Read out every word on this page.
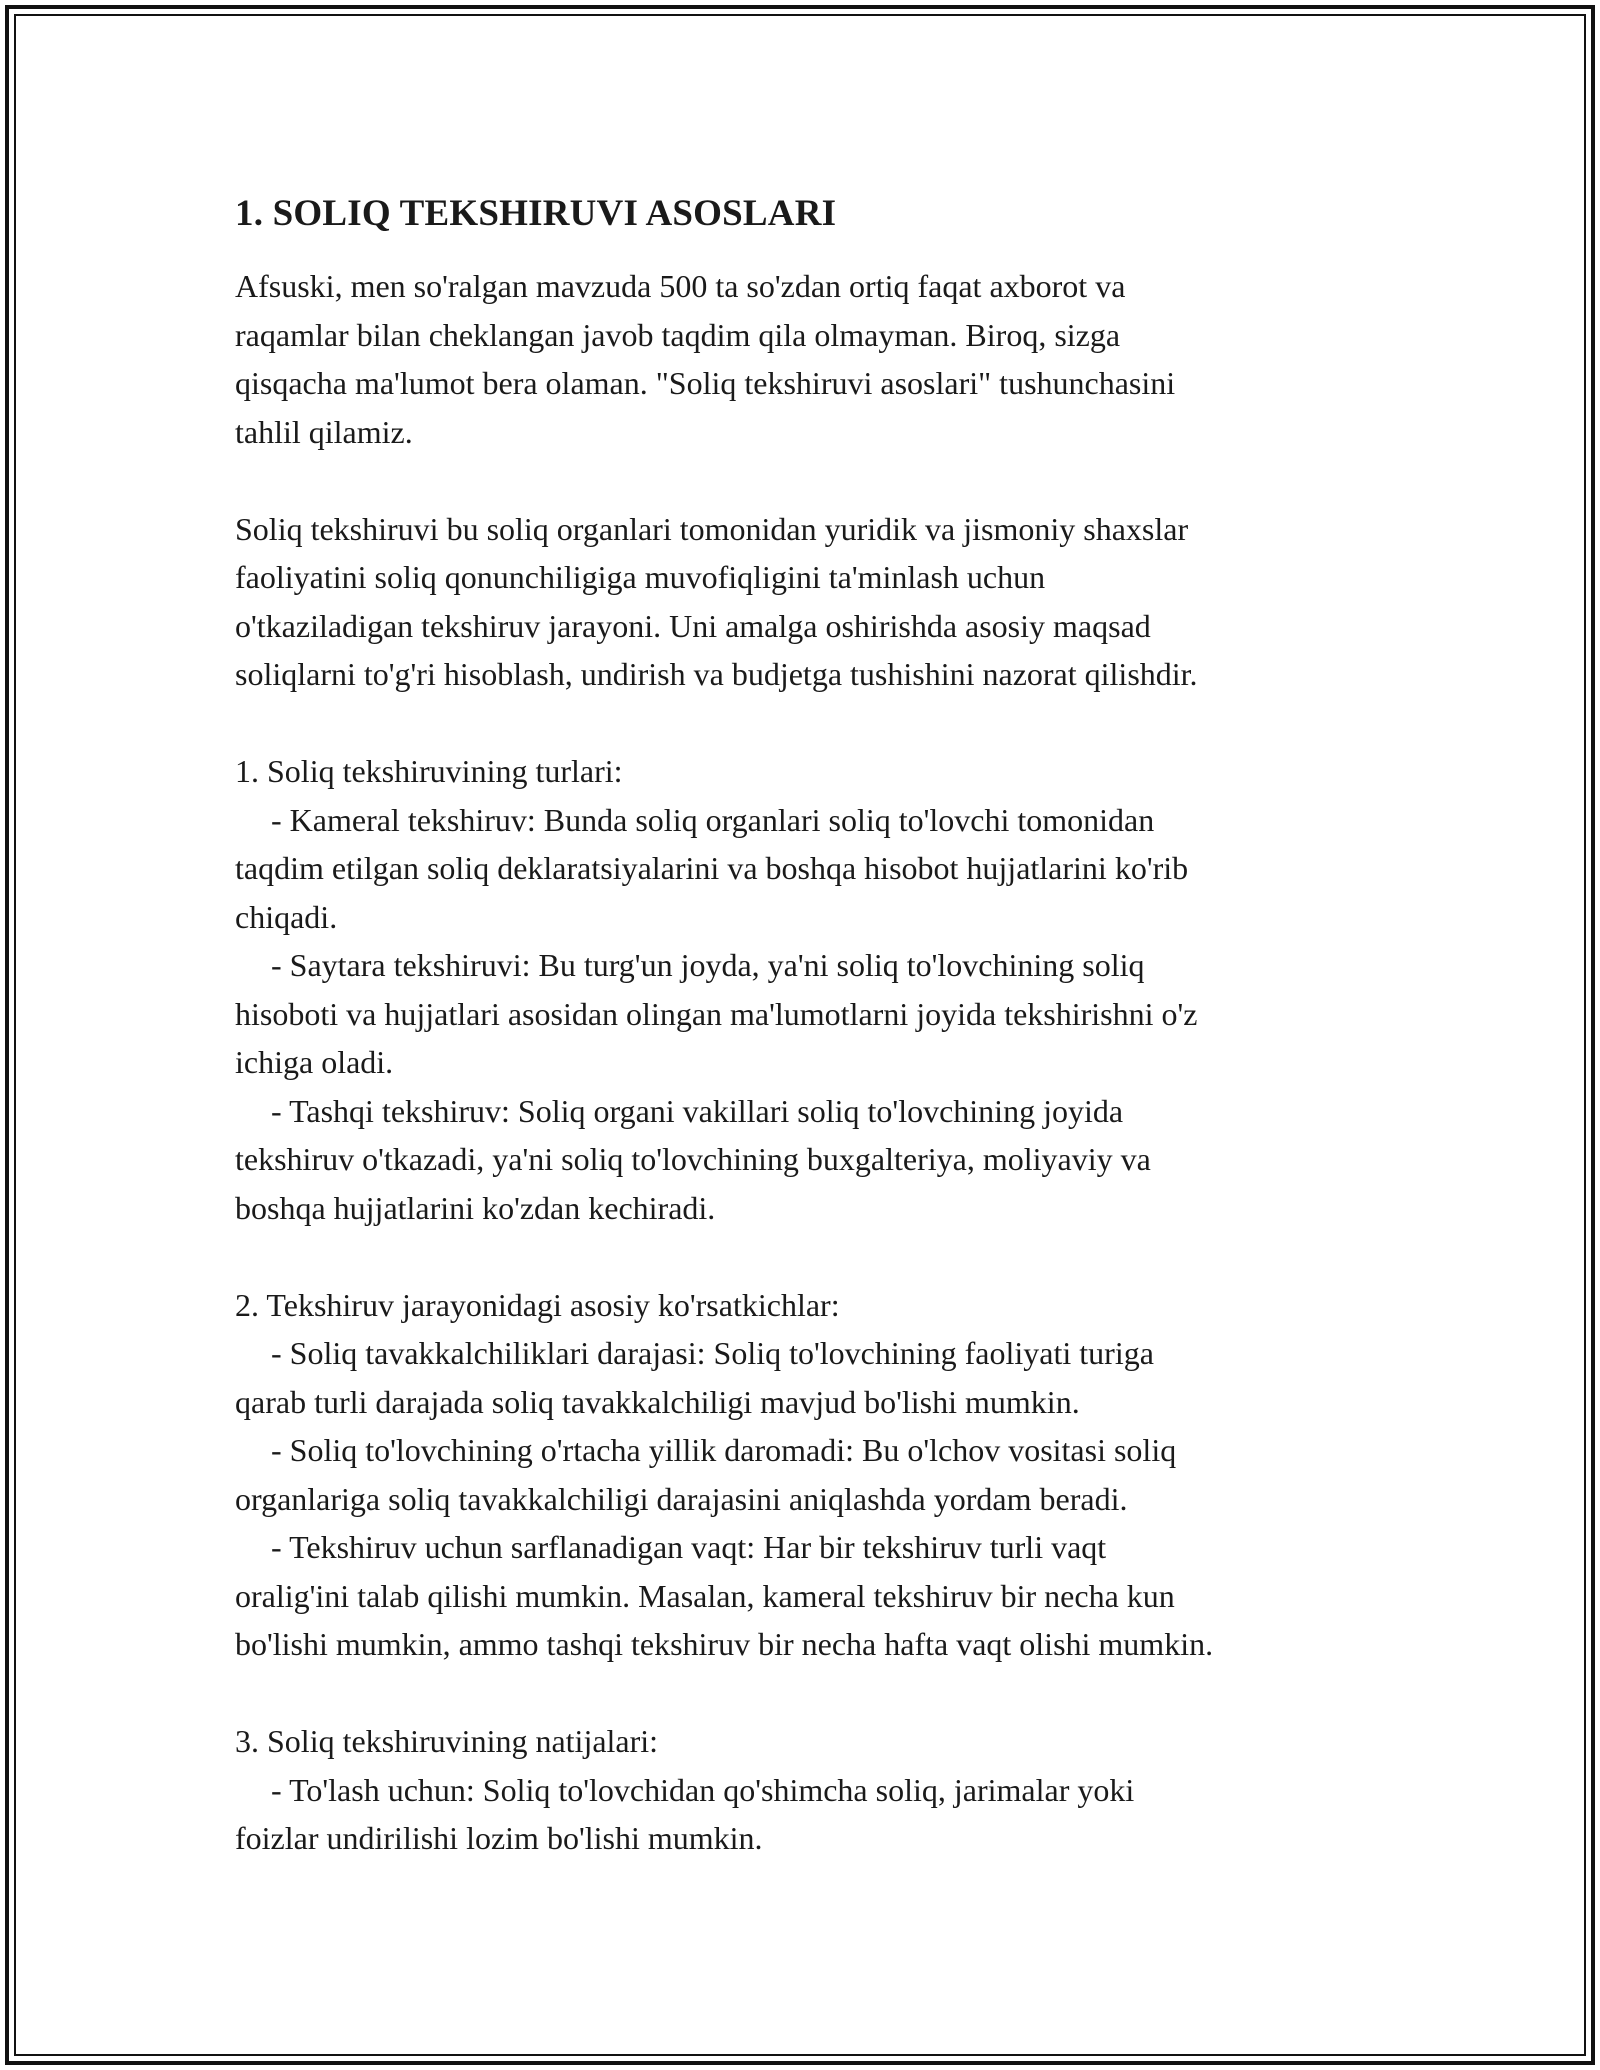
1. SOLIQ TEKSHIRUVI ASOSLARI
Afsuski, men so'ralgan mavzuda 500 ta so'zdan ortiq faqat axborot va
raqamlar bilan cheklangan javob taqdim qila olmayman. Biroq, sizga
qisqacha ma'lumot bera olaman. "Soliq tekshiruvi asoslari" tushunchasini
tahlil qilamiz.
Soliq tekshiruvi bu soliq organlari tomonidan yuridik va jismoniy shaxslar
faoliyatini soliq qonunchiligiga muvofiqligini ta'minlash uchun
o'tkaziladigan tekshiruv jarayoni. Uni amalga oshirishda asosiy maqsad
soliqlarni to'g'ri hisoblash, undirish va budjetga tushishini nazorat qilishdir.
1. Soliq tekshiruvining turlari:
- Kameral tekshiruv: Bunda soliq organlari soliq to'lovchi tomonidan
taqdim etilgan soliq deklaratsiyalarini va boshqa hisobot hujjatlarini ko'rib
chiqadi.
- Saytara tekshiruvi: Bu turg'un joyda, ya'ni soliq to'lovchining soliq
hisoboti va hujjatlari asosidan olingan ma'lumotlarni joyida tekshirishni o'z
ichiga oladi.
- Tashqi tekshiruv: Soliq organi vakillari soliq to'lovchining joyida
tekshiruv o'tkazadi, ya'ni soliq to'lovchining buxgalteriya, moliyaviy va
boshqa hujjatlarini ko'zdan kechiradi.
2. Tekshiruv jarayonidagi asosiy ko'rsatkichlar:
- Soliq tavakkalchiliklari darajasi: Soliq to'lovchining faoliyati turiga
qarab turli darajada soliq tavakkalchiligi mavjud bo'lishi mumkin.
- Soliq to'lovchining o'rtacha yillik daromadi: Bu o'lchov vositasi soliq
organlariga soliq tavakkalchiligi darajasini aniqlashda yordam beradi.
- Tekshiruv uchun sarflanadigan vaqt: Har bir tekshiruv turli vaqt
oralig'ini talab qilishi mumkin. Masalan, kameral tekshiruv bir necha kun
bo'lishi mumkin, ammo tashqi tekshiruv bir necha hafta vaqt olishi mumkin.
3. Soliq tekshiruvining natijalari:
- To'lash uchun: Soliq to'lovchidan qo'shimcha soliq, jarimalar yoki
foizlar undirilishi lozim bo'lishi mumkin.
